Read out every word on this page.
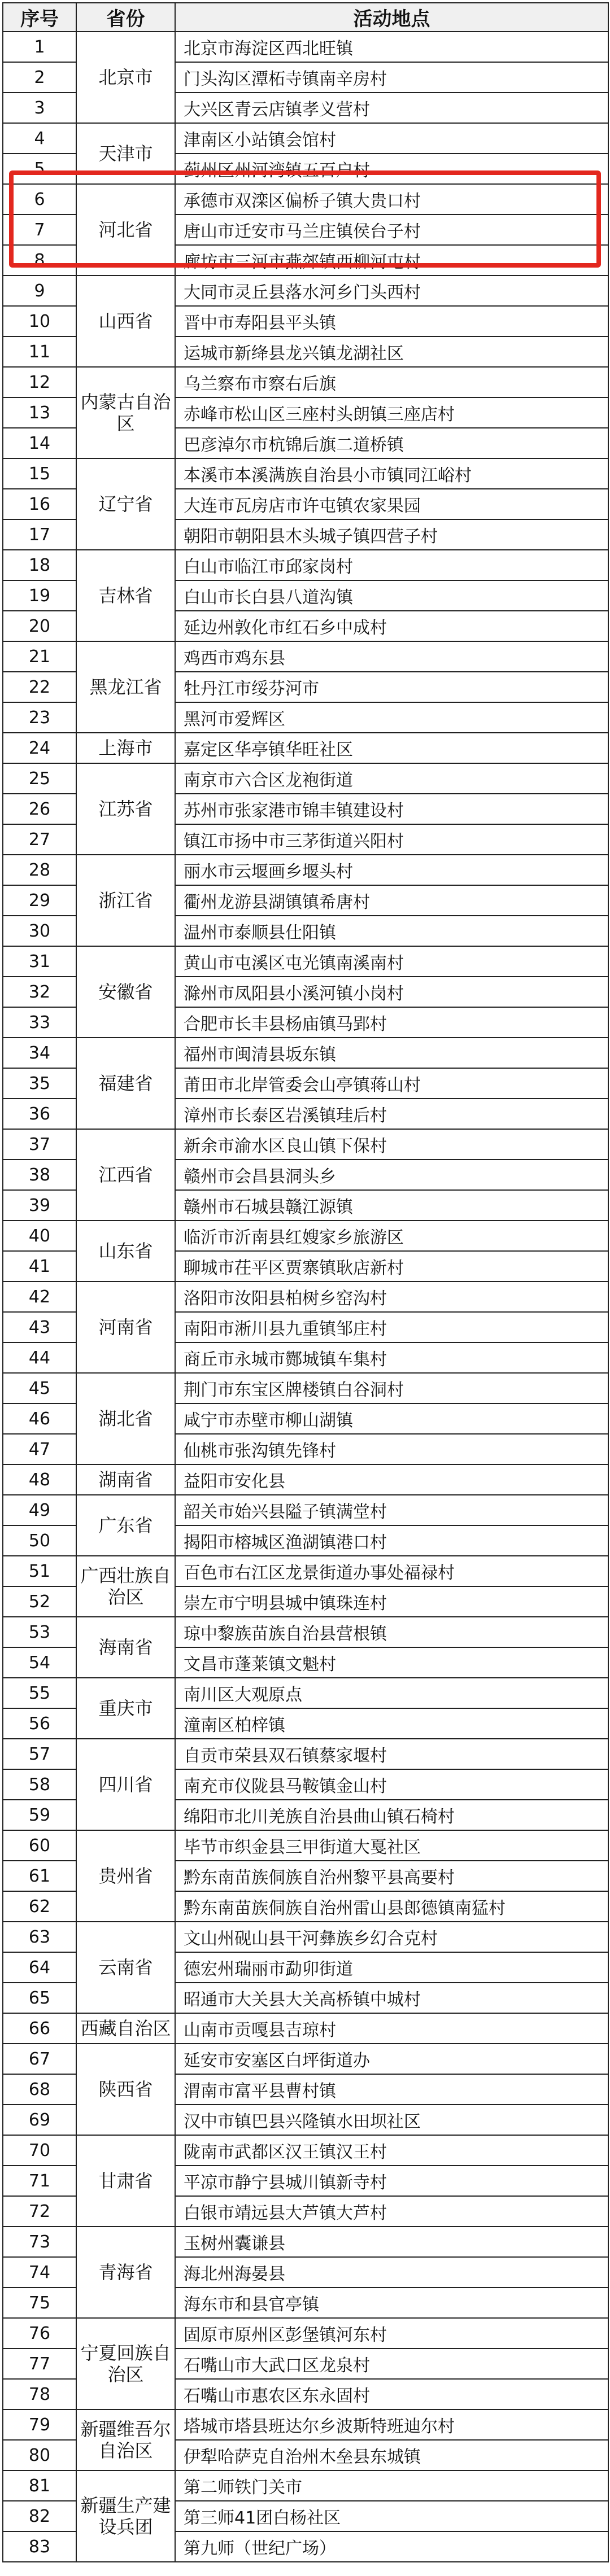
序号	省份	活动地点
1	北京市	北京市海淀区西北旺镇
2		门头沟区潭柘寺镇南辛房村
3		大兴区青云店镇孝义营村
4	天津市	津南区小站镇会馆村
5		蓟州区州河湾镇五百户村
6	河北省	承德市双滦区偏桥子镇大贵口村
7		唐山市迁安市马兰庄镇侯台子村
8		廊坊市三河市燕郊镇西柳河屯村
9	山西省	大同市灵丘县落水河乡门头西村
10		晋中市寿阳县平头镇
11		运城市新绛县龙兴镇龙湖社区
12	内蒙古自治区	乌兰察布市察右后旗
13		赤峰市松山区三座村头朗镇三座店村
14		巴彦淖尔市杭锦后旗二道桥镇
15	辽宁省	本溪市本溪满族自治县小市镇同江峪村
16		大连市瓦房店市许屯镇农家果园
17		朝阳市朝阳县木头城子镇四营子村
18	吉林省	白山市临江市邱家岗村
19		白山市长白县八道沟镇
20		延边州敦化市红石乡中成村
21	黑龙江省	鸡西市鸡东县
22		牡丹江市绥芬河市
23		黑河市爱辉区
24	上海市	嘉定区华亭镇华旺社区
25	江苏省	南京市六合区龙袍街道
26		苏州市张家港市锦丰镇建设村
27		镇江市扬中市三茅街道兴阳村
28	浙江省	丽水市云堰画乡堰头村
29		衢州龙游县湖镇镇希唐村
30		温州市泰顺县仕阳镇
31	安徽省	黄山市屯溪区屯光镇南溪南村
32		滁州市凤阳县小溪河镇小岗村
33		合肥市长丰县杨庙镇马郢村
34	福建省	福州市闽清县坂东镇
35		莆田市北岸管委会山亭镇蒋山村
36		漳州市长泰区岩溪镇珪后村
37	江西省	新余市渝水区良山镇下保村
38		赣州市会昌县洞头乡
39		赣州市石城县赣江源镇
40	山东省	临沂市沂南县红嫂家乡旅游区
41		聊城市茌平区贾寨镇耿店新村
42	河南省	洛阳市汝阳县柏树乡窑沟村
43		南阳市淅川县九重镇邹庄村
44		商丘市永城市酂城镇车集村
45	湖北省	荆门市东宝区牌楼镇白谷洞村
46		咸宁市赤壁市柳山湖镇
47		仙桃市张沟镇先锋村
48	湖南省	益阳市安化县
49	广东省	韶关市始兴县隘子镇满堂村
50		揭阳市榕城区渔湖镇港口村
51	广西壮族自治区	百色市右江区龙景街道办事处福禄村
52		崇左市宁明县城中镇珠连村
53	海南省	琼中黎族苗族自治县营根镇
54		文昌市蓬莱镇文魁村
55	重庆市	南川区大观原点
56		潼南区柏梓镇
57	四川省	自贡市荣县双石镇蔡家堰村
58		南充市仪陇县马鞍镇金山村
59		绵阳市北川羌族自治县曲山镇石椅村
60	贵州省	毕节市织金县三甲街道大戛社区
61		黔东南苗族侗族自治州黎平县高要村
62		黔东南苗族侗族自治州雷山县郎德镇南猛村
63	云南省	文山州砚山县干河彝族乡幻合克村
64		德宏州瑞丽市勐卯街道
65		昭通市大关县大关高桥镇中城村
66	西藏自治区	山南市贡嘎县吉琼村
67	陕西省	延安市安塞区白坪街道办
68		渭南市富平县曹村镇
69		汉中市镇巴县兴隆镇水田坝社区
70	甘肃省	陇南市武都区汉王镇汉王村
71		平凉市静宁县城川镇新寺村
72		白银市靖远县大芦镇大芦村
73	青海省	玉树州囊谦县
74		海北州海晏县
75		海东市和县官亭镇
76	宁夏回族自治区	固原市原州区彭堡镇河东村
77		石嘴山市大武口区龙泉村
78		石嘴山市惠农区东永固村
79	新疆维吾尔自治区	塔城市塔县班达尔乡波斯特班迪尔村
80		伊犁哈萨克自治州木垒县东城镇
81	新疆生产建设兵团	第二师铁门关市
82		第三师41团白杨社区
83		第九师（世纪广场）
